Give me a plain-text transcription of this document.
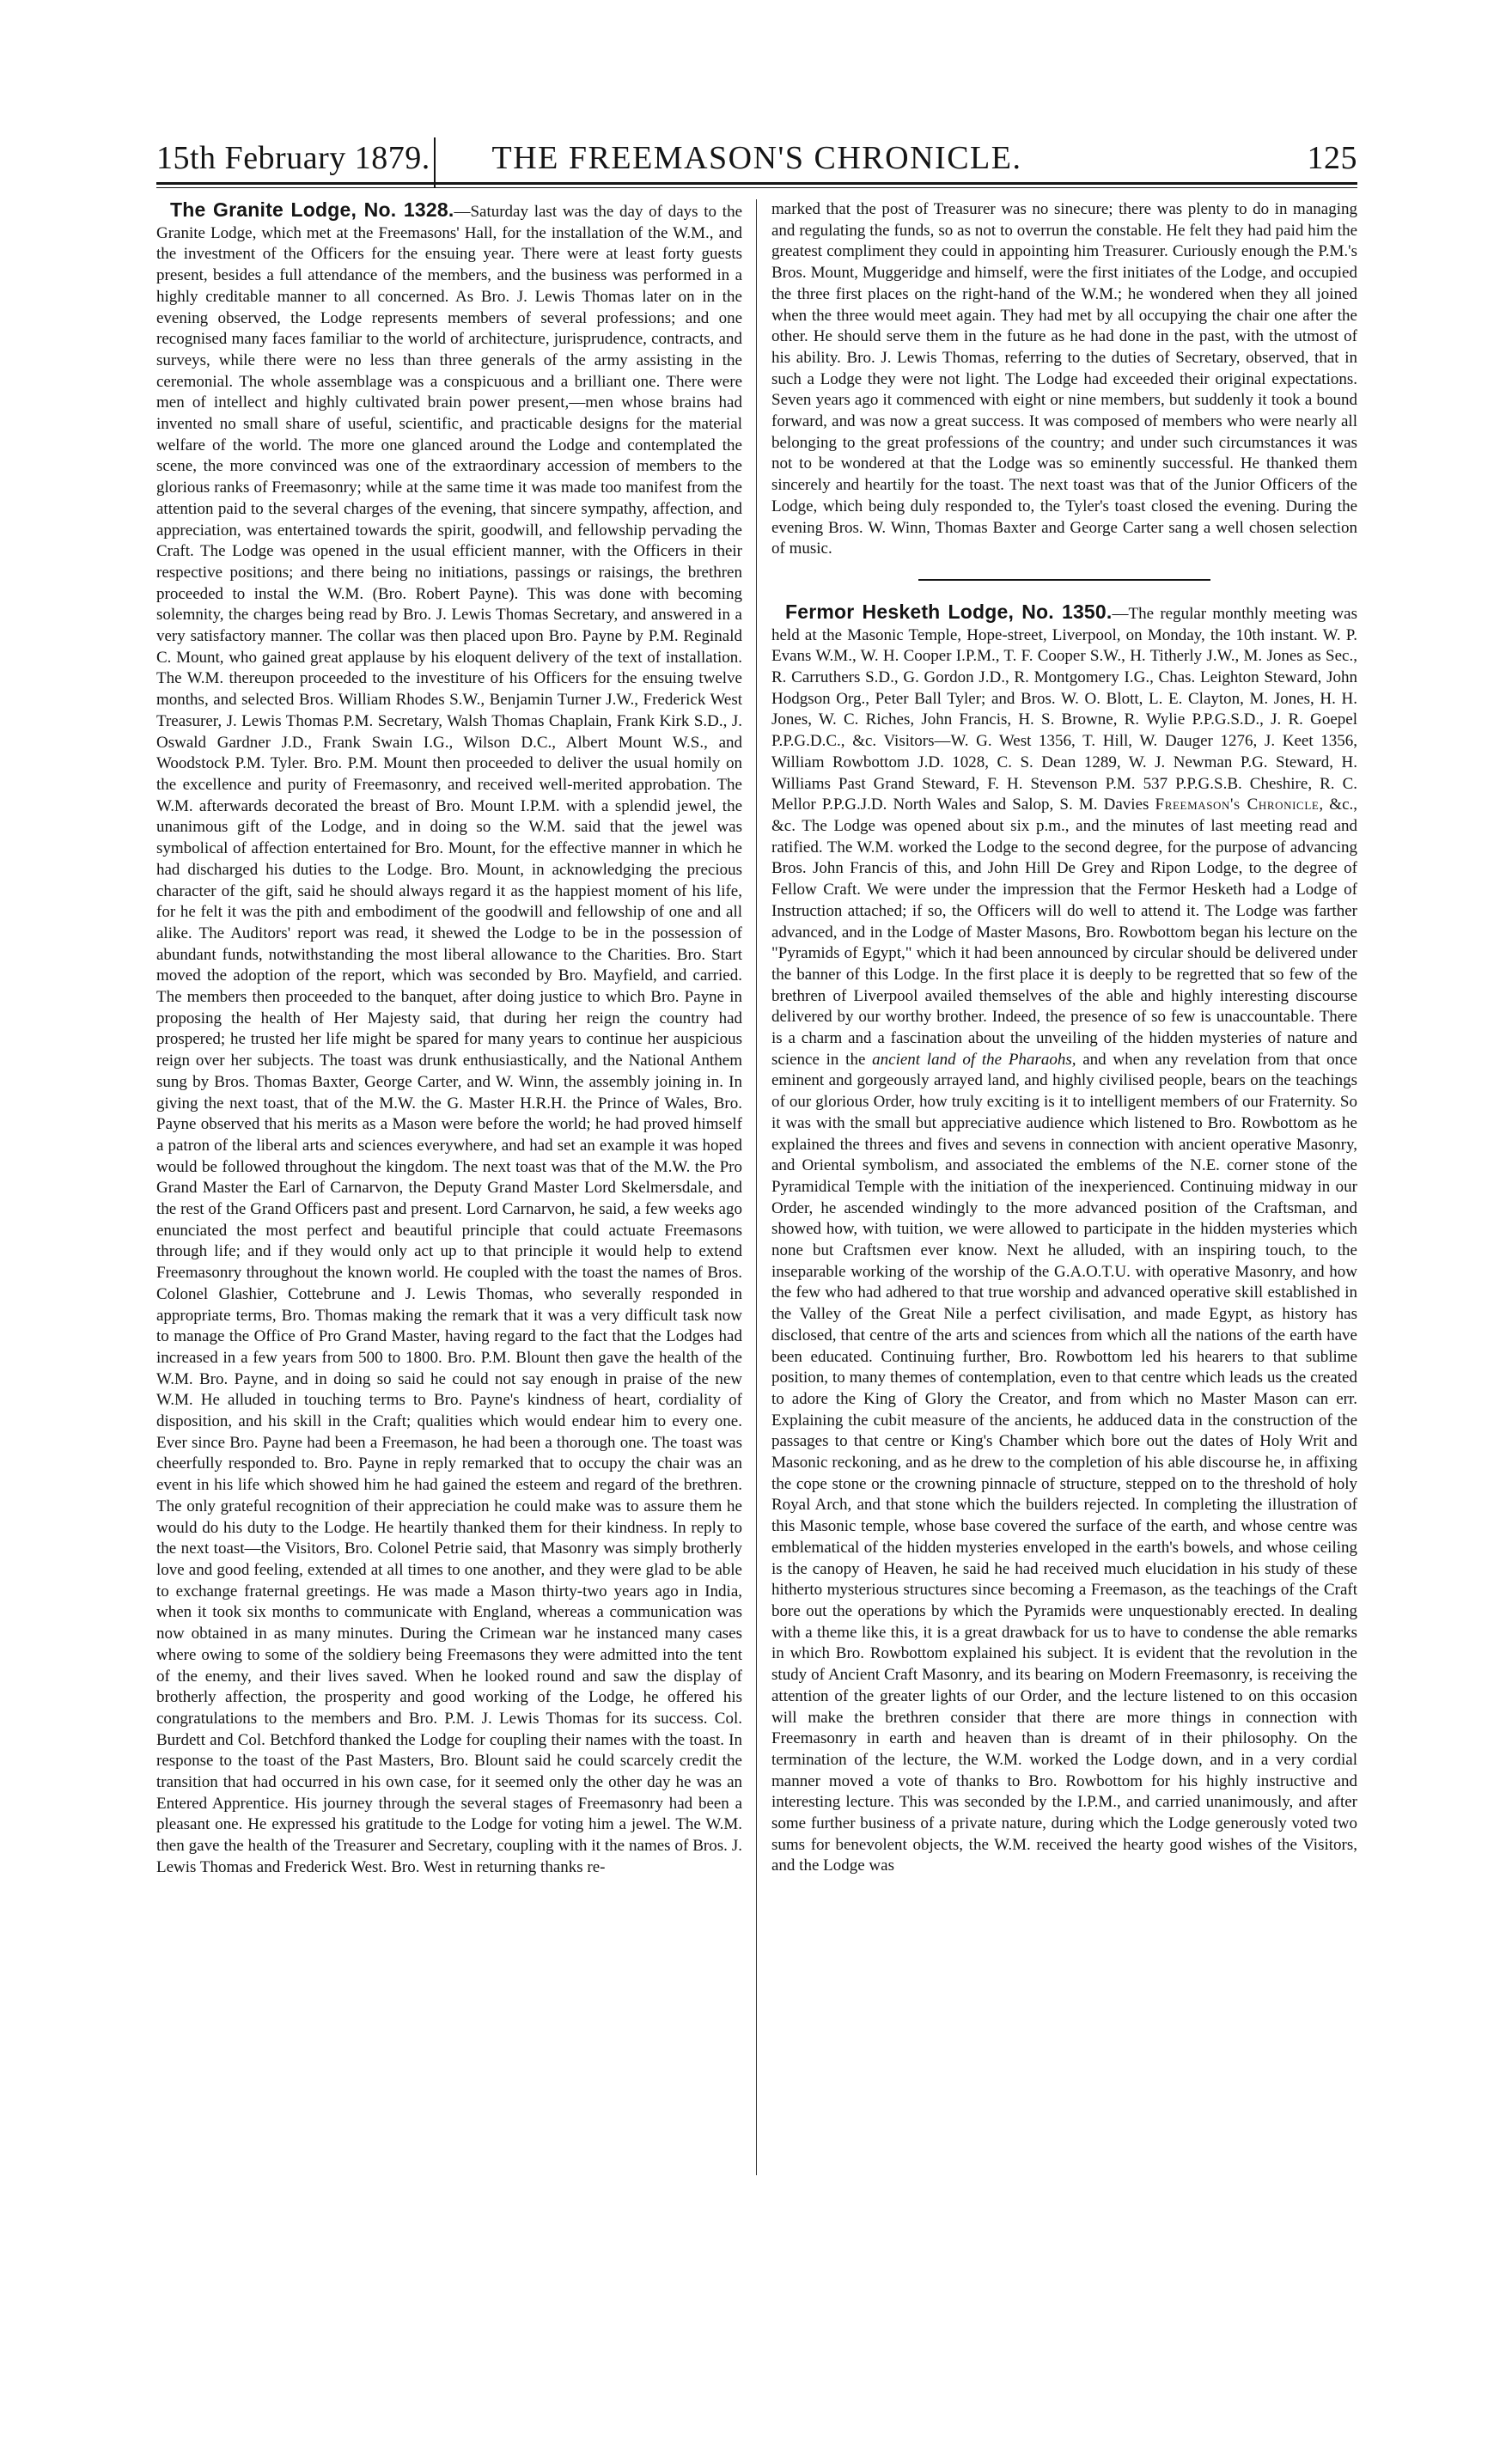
15th February 1879.	THE FREEMASON'S CHRONICLE.	125

The Granite Lodge, No. 1328.—Saturday last was the day of days to the Granite Lodge, which met at the Freemasons' Hall, for the installation of the W.M., and the investment of the Officers for the ensuing year. There were at least forty guests present, besides a full attendance of the members, and the business was performed in a highly creditable manner to all concerned. As Bro. J. Lewis Thomas later on in the evening observed, the Lodge represents members of several professions; and one recognised many faces familiar to the world of architecture, jurisprudence, contracts, and surveys, while there were no less than three generals of the army assisting in the ceremonial. The whole assemblage was a conspicuous and a brilliant one. There were men of intellect and highly cultivated brain power present,—men whose brains had invented no small share of useful, scientific, and practicable designs for the material welfare of the world. The more one glanced around the Lodge and contemplated the scene, the more convinced was one of the extraordinary accession of members to the glorious ranks of Freemasonry; while at the same time it was made too manifest from the attention paid to the several charges of the evening, that sincere sympathy, affection, and appreciation, was entertained towards the spirit, goodwill, and fellowship pervading the Craft. The Lodge was opened in the usual efficient manner, with the Officers in their respective positions; and there being no initiations, passings or raisings, the brethren proceeded to instal the W.M. (Bro. Robert Payne). This was done with becoming solemnity, the charges being read by Bro. J. Lewis Thomas Secretary, and answered in a very satisfactory manner. The collar was then placed upon Bro. Payne by P.M. Reginald C. Mount, who gained great applause by his eloquent delivery of the text of installation. The W.M. thereupon proceeded to the investiture of his Officers for the ensuing twelve months, and selected Bros. William Rhodes S.W., Benjamin Turner J.W., Frederick West Treasurer, J. Lewis Thomas P.M. Secretary, Walsh Thomas Chaplain, Frank Kirk S.D., J. Oswald Gardner J.D., Frank Swain I.G., Wilson D.C., Albert Mount W.S., and Woodstock P.M. Tyler. Bro. P.M. Mount then proceeded to deliver the usual homily on the excellence and purity of Freemasonry, and received well-merited approbation. The W.M. afterwards decorated the breast of Bro. Mount I.P.M. with a splendid jewel, the unanimous gift of the Lodge, and in doing so the W.M. said that the jewel was symbolical of affection entertained for Bro. Mount, for the effective manner in which he had discharged his duties to the Lodge. Bro. Mount, in acknowledging the precious character of the gift, said he should always regard it as the happiest moment of his life, for he felt it was the pith and embodiment of the goodwill and fellowship of one and all alike. The Auditors' report was read, it shewed the Lodge to be in the possession of abundant funds, notwithstanding the most liberal allowance to the Charities. Bro. Start moved the adoption of the report, which was seconded by Bro. Mayfield, and carried. The members then proceeded to the banquet, after doing justice to which Bro. Payne in proposing the health of Her Majesty said, that during her reign the country had prospered; he trusted her life might be spared for many years to continue her auspicious reign over her subjects. The toast was drunk enthusiastically, and the National Anthem sung by Bros. Thomas Baxter, George Carter, and W. Winn, the assembly joining in. In giving the next toast, that of the M.W. the G. Master H.R.H. the Prince of Wales, Bro. Payne observed that his merits as a Mason were before the world; he had proved himself a patron of the liberal arts and sciences everywhere, and had set an example it was hoped would be followed throughout the kingdom. The next toast was that of the M.W. the Pro Grand Master the Earl of Carnarvon, the Deputy Grand Master Lord Skelmersdale, and the rest of the Grand Officers past and present. Lord Carnarvon, he said, a few weeks ago enunciated the most perfect and beautiful principle that could actuate Freemasons through life; and if they would only act up to that principle it would help to extend Freemasonry throughout the known world. He coupled with the toast the names of Bros. Colonel Glashier, Cottebrune and J. Lewis Thomas, who severally responded in appropriate terms, Bro. Thomas making the remark that it was a very difficult task now to manage the Office of Pro Grand Master, having regard to the fact that the Lodges had increased in a few years from 500 to 1800. Bro. P.M. Blount then gave the health of the W.M. Bro. Payne, and in doing so said he could not say enough in praise of the new W.M. He alluded in touching terms to Bro. Payne's kindness of heart, cordiality of disposition, and his skill in the Craft; qualities which would endear him to every one. Ever since Bro. Payne had been a Freemason, he had been a thorough one. The toast was cheerfully responded to. Bro. Payne in reply remarked that to occupy the chair was an event in his life which showed him he had gained the esteem and regard of the brethren. The only grateful recognition of their appreciation he could make was to assure them he would do his duty to the Lodge. He heartily thanked them for their kindness. In reply to the next toast—the Visitors, Bro. Colonel Petrie said, that Masonry was simply brotherly love and good feeling, extended at all times to one another, and they were glad to be able to exchange fraternal greetings. He was made a Mason thirty-two years ago in India, when it took six months to communicate with England, whereas a communication was now obtained in as many minutes. During the Crimean war he instanced many cases where owing to some of the soldiery being Freemasons they were admitted into the tent of the enemy, and their lives saved. When he looked round and saw the display of brotherly affection, the prosperity and good working of the Lodge, he offered his congratulations to the members and Bro. P.M. J. Lewis Thomas for its success. Col. Burdett and Col. Betchford thanked the Lodge for coupling their names with the toast. In response to the toast of the Past Masters, Bro. Blount said he could scarcely credit the transition that had occurred in his own case, for it seemed only the other day he was an Entered Apprentice. His journey through the several stages of Freemasonry had been a pleasant one. He expressed his gratitude to the Lodge for voting him a jewel. The W.M. then gave the health of the Treasurer and Secretary, coupling with it the names of Bros. J. Lewis Thomas and Frederick West. Bro. West in returning thanks re-

marked that the post of Treasurer was no sinecure; there was plenty to do in managing and regulating the funds, so as not to overrun the constable. He felt they had paid him the greatest compliment they could in appointing him Treasurer. Curiously enough the P.M.'s Bros. Mount, Muggeridge and himself, were the first initiates of the Lodge, and occupied the three first places on the right-hand of the W.M.; he wondered when they all joined when the three would meet again. They had met by all occupying the chair one after the other. He should serve them in the future as he had done in the past, with the utmost of his ability. Bro. J. Lewis Thomas, referring to the duties of Secretary, observed, that in such a Lodge they were not light. The Lodge had exceeded their original expectations. Seven years ago it commenced with eight or nine members, but suddenly it took a bound forward, and was now a great success. It was composed of members who were nearly all belonging to the great professions of the country; and under such circumstances it was not to be wondered at that the Lodge was so eminently successful. He thanked them sincerely and heartily for the toast. The next toast was that of the Junior Officers of the Lodge, which being duly responded to, the Tyler's toast closed the evening. During the evening Bros. W. Winn, Thomas Baxter and George Carter sang a well chosen selection of music.

Fermor Hesketh Lodge, No. 1350.—The regular monthly meeting was held at the Masonic Temple, Hope-street, Liverpool, on Monday, the 10th instant. W. P. Evans W.M., W. H. Cooper I.P.M., T. F. Cooper S.W., H. Titherly J.W., M. Jones as Sec., R. Carruthers S.D., G. Gordon J.D., R. Montgomery I.G., Chas. Leighton Steward, John Hodgson Org., Peter Ball Tyler; and Bros. W. O. Blott, L. E. Clayton, M. Jones, H. H. Jones, W. C. Riches, John Francis, H. S. Browne, R. Wylie P.P.G.S.D., J. R. Goepel P.P.G.D.C., &c. Visitors—W. G. West 1356, T. Hill, W. Dauger 1276, J. Keet 1356, William Rowbottom J.D. 1028, C. S. Dean 1289, W. J. Newman P.G. Steward, H. Williams Past Grand Steward, F. H. Stevenson P.M. 537 P.P.G.S.B. Cheshire, R. C. Mellor P.P.G.J.D. North Wales and Salop, S. M. Davies Freemason's Chronicle, &c., &c. The Lodge was opened about six p.m., and the minutes of last meeting read and ratified. The W.M. worked the Lodge to the second degree, for the purpose of advancing Bros. John Francis of this, and John Hill De Grey and Ripon Lodge, to the degree of Fellow Craft. We were under the impression that the Fermor Hesketh had a Lodge of Instruction attached; if so, the Officers will do well to attend it. The Lodge was farther advanced, and in the Lodge of Master Masons, Bro. Rowbottom began his lecture on the "Pyramids of Egypt," which it had been announced by circular should be delivered under the banner of this Lodge. In the first place it is deeply to be regretted that so few of the brethren of Liverpool availed themselves of the able and highly interesting discourse delivered by our worthy brother. Indeed, the presence of so few is unaccountable. There is a charm and a fascination about the unveiling of the hidden mysteries of nature and science in the ancient land of the Pharaohs, and when any revelation from that once eminent and gorgeously arrayed land, and highly civilised people, bears on the teachings of our glorious Order, how truly exciting is it to intelligent members of our Fraternity. So it was with the small but appreciative audience which listened to Bro. Rowbottom as he explained the threes and fives and sevens in connection with ancient operative Masonry, and Oriental symbolism, and associated the emblems of the N.E. corner stone of the Pyramidical Temple with the initiation of the inexperienced. Continuing midway in our Order, he ascended windingly to the more advanced position of the Craftsman, and showed how, with tuition, we were allowed to participate in the hidden mysteries which none but Craftsmen ever know. Next he alluded, with an inspiring touch, to the inseparable working of the worship of the G.A.O.T.U. with operative Masonry, and how the few who had adhered to that true worship and advanced operative skill established in the Valley of the Great Nile a perfect civilisation, and made Egypt, as history has disclosed, that centre of the arts and sciences from which all the nations of the earth have been educated. Continuing further, Bro. Rowbottom led his hearers to that sublime position, to many themes of contemplation, even to that centre which leads us the created to adore the King of Glory the Creator, and from which no Master Mason can err. Explaining the cubit measure of the ancients, he adduced data in the construction of the passages to that centre or King's Chamber which bore out the dates of Holy Writ and Masonic reckoning, and as he drew to the completion of his able discourse he, in affixing the cope stone or the crowning pinnacle of structure, stepped on to the threshold of holy Royal Arch, and that stone which the builders rejected. In completing the illustration of this Masonic temple, whose base covered the surface of the earth, and whose centre was emblematical of the hidden mysteries enveloped in the earth's bowels, and whose ceiling is the canopy of Heaven, he said he had received much elucidation in his study of these hitherto mysterious structures since becoming a Freemason, as the teachings of the Craft bore out the operations by which the Pyramids were unquestionably erected. In dealing with a theme like this, it is a great drawback for us to have to condense the able remarks in which Bro. Rowbottom explained his subject. It is evident that the revolution in the study of Ancient Craft Masonry, and its bearing on Modern Freemasonry, is receiving the attention of the greater lights of our Order, and the lecture listened to on this occasion will make the brethren consider that there are more things in connection with Freemasonry in earth and heaven than is dreamt of in their philosophy. On the termination of the lecture, the W.M. worked the Lodge down, and in a very cordial manner moved a vote of thanks to Bro. Rowbottom for his highly instructive and interesting lecture. This was seconded by the I.P.M., and carried unanimously, and after some further business of a private nature, during which the Lodge generously voted two sums for benevolent objects, the W.M. received the hearty good wishes of the Visitors, and the Lodge was
